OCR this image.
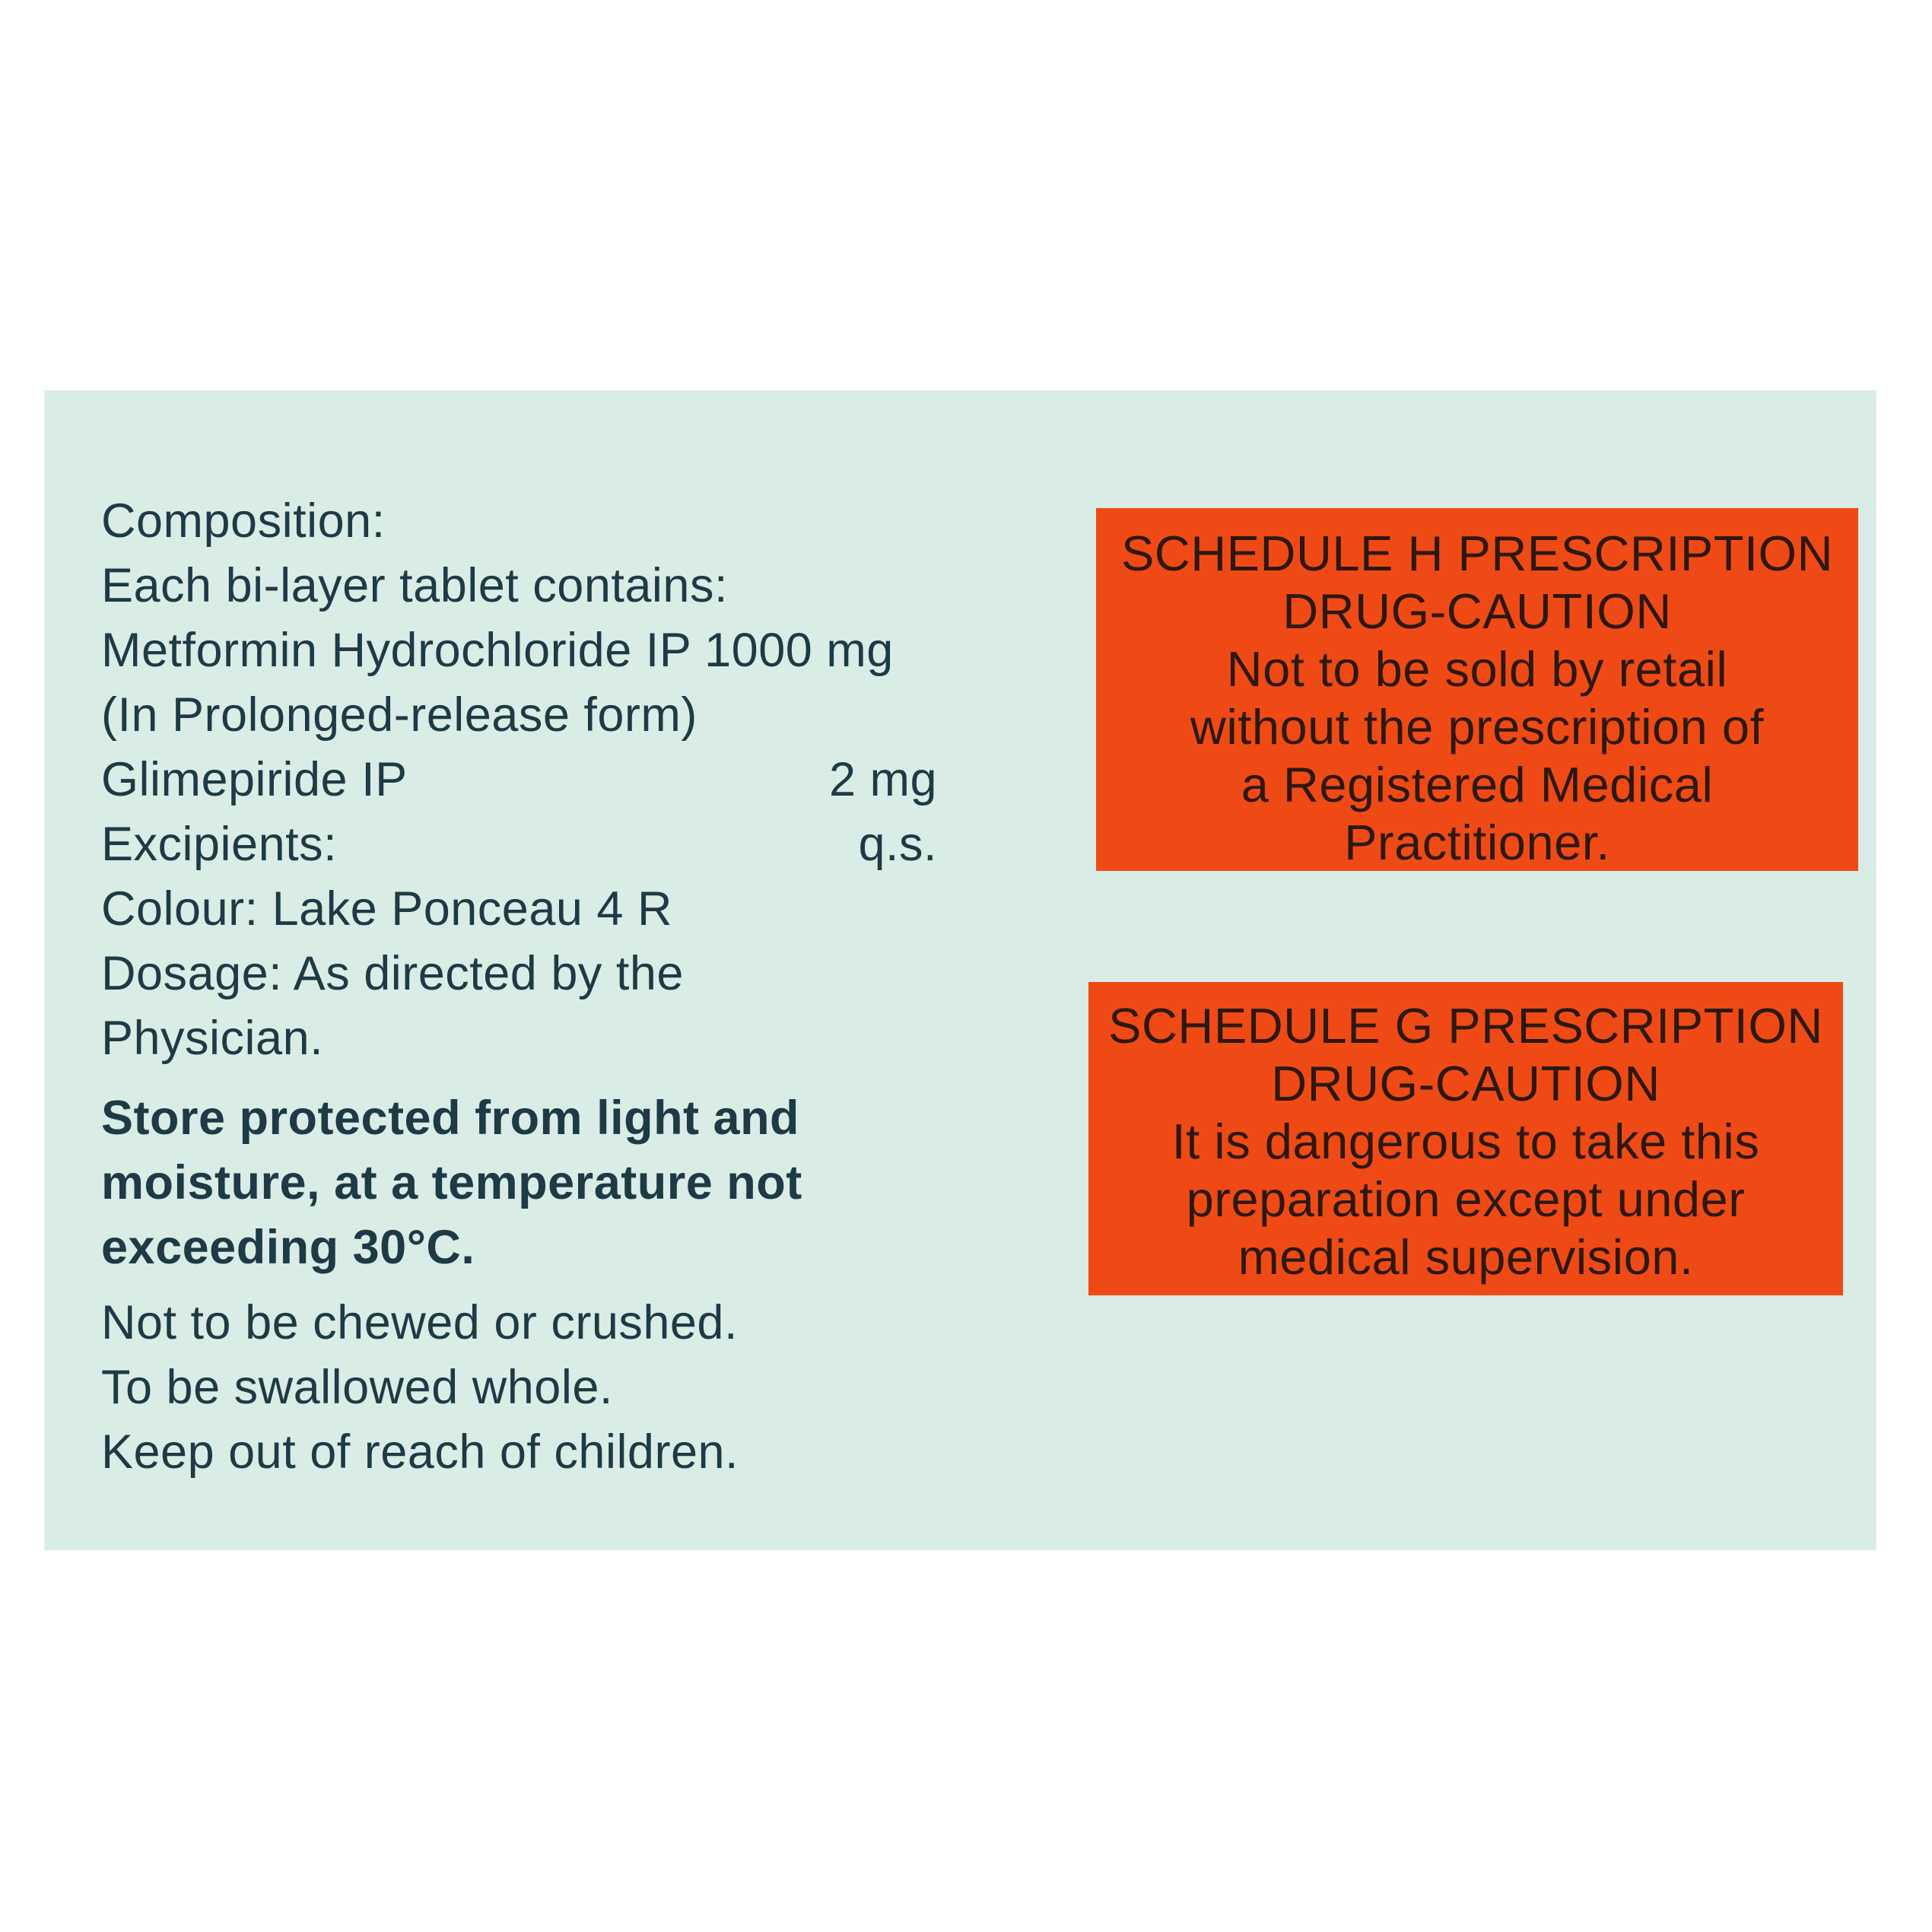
Composition:
Each bi-layer tablet contains:
Metformin Hydrochloride IP 1000 mg
(In Prolonged-release form)
Glimepiride IP	2 mg
Excipients:	q.s.
Colour: Lake Ponceau 4 R
Dosage: As directed by the
Physician.
Store protected from light and
moisture, at a temperature not
exceeding 30°C.
Not to be chewed or crushed.
To be swallowed whole.
Keep out of reach of children.
SCHEDULE H PRESCRIPTION
DRUG-CAUTION
Not to be sold by retail
without the prescription of
a Registered Medical
Practitioner.
SCHEDULE G PRESCRIPTION
DRUG-CAUTION
It is dangerous to take this
preparation except under
medical supervision.
